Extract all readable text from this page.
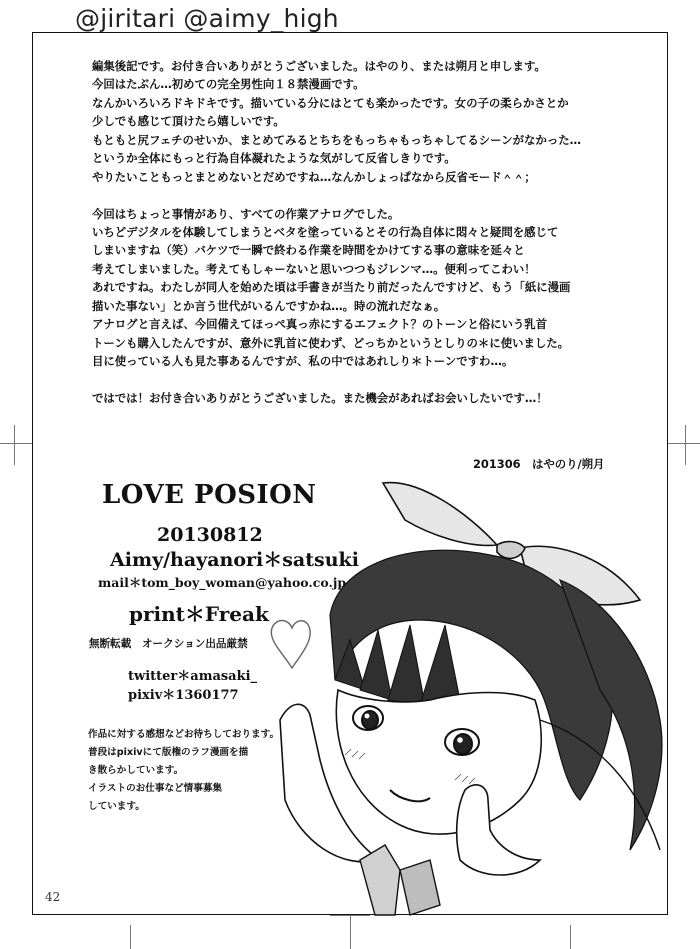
@jiritari @aimy_high
編集後記です。お付き合いありがとうございました。はやのり、または朔月と申します。
今回はたぶん…初めての完全男性向１８禁漫画です。
なんかいろいろドキドキです。描いている分にはとても楽かったです。女の子の柔らかさとか
少しでも感じて頂けたら嬉しいです。
もともと尻フェチのせいか、まとめてみるとちちをもっちゃもっちゃしてるシーンがなかった…
というか全体にもっと行為自体凝れたような気がして反省しきりです。
やりたいこともっとまとめないとだめですね…なんかしょっぱなから反省モード＾＾；
今回はちょっと事情があり、すべての作業アナログでした。
いちどデジタルを体験してしまうとベタを塗っているとその行為自体に悶々と疑問を感じて
しまいますね（笑）バケツで一瞬で終わる作業を時間をかけてする事の意味を延々と
考えてしまいました。考えてもしゃーないと思いつつもジレンマ…。便利ってこわい！
あれですね。わたしが同人を始めた頃は手書きが当たり前だったんですけど、もう「紙に漫画
描いた事ない」とか言う世代がいるんですかね…。時の流れだなぁ。
アナログと言えば、今回備えてほっぺ真っ赤にするエフェクト？のトーンと俗にいう乳首
トーンも購入したんですが、意外に乳首に使わず、どっちかというとしりの＊に使いました。
目に使っている人も見た事あるんですが、私の中ではあれしり＊トーンですわ…。
ではでは！お付き合いありがとうございました。また機会があればお会いしたいです…！
201306　はやのり/朔月
LOVE POSION
20130812
Aimy/hayanori＊satsuki
mail＊tom_boy_woman@yahoo.co.jp
print＊Freak
無断転載　オークション出品厳禁
twitter＊amasaki_
pixiv＊1360177
作品に対する感想などお待ちしております。
普段はpixivにて版権のラフ漫画を描
き散らかしています。
イラストのお仕事など情事募集
しています。
42
